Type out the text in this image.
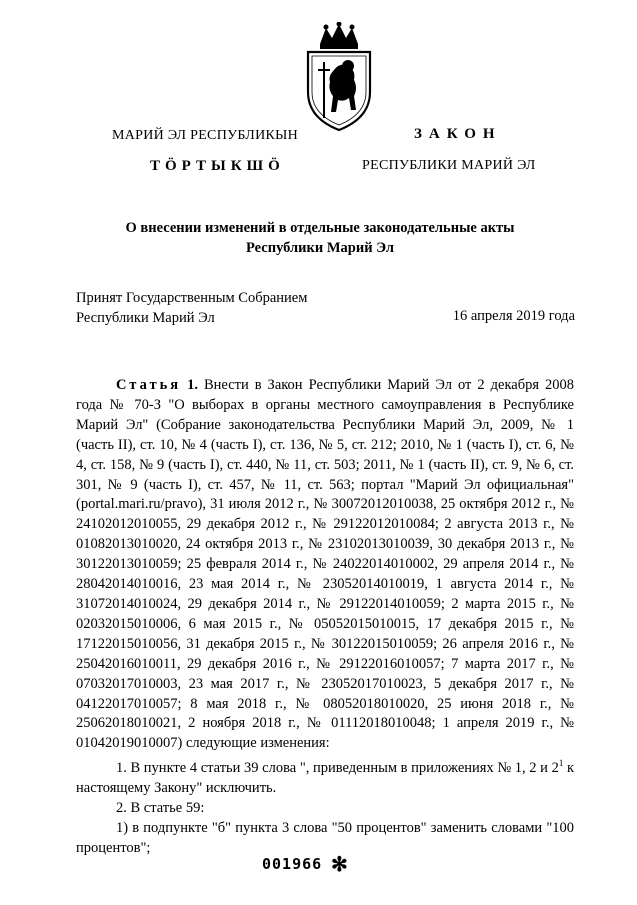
МАРИЙ ЭЛ РЕСПУБЛИКЫН
ТӦРТЫКШӦ
ЗАКОН
РЕСПУБЛИКИ МАРИЙ ЭЛ
О внесении изменений в отдельные законодательные акты
Республики Марий Эл
Принят Государственным Собранием
Республики Марий Эл	16 апреля 2019 года

Статья 1. Внести в Закон Республики Марий Эл от 2 декабря 2008 года № 70-З "О выборах в органы местного самоуправления в Республике Марий Эл" (Собрание законодательства Республики Марий Эл, 2009, № 1 (часть II), ст. 10, № 4 (часть I), ст. 136, № 5, ст. 212; 2010, № 1 (часть I), ст. 6, № 4, ст. 158, № 9 (часть I), ст. 440, № 11, ст. 503; 2011, № 1 (часть II), ст. 9, № 6, ст. 301, № 9 (часть I), ст. 457, № 11, ст. 563; портал "Марий Эл официальная" (portal.mari.ru/pravo), 31 июля 2012 г., № 30072012010038, 25 октября 2012 г., № 24102012010055, 29 декабря 2012 г., № 29122012010084; 2 августа 2013 г., № 01082013010020, 24 октября 2013 г., № 23102013010039, 30 декабря 2013 г., № 30122013010059; 25 февраля 2014 г., № 24022014010002, 29 апреля 2014 г., № 28042014010016, 23 мая 2014 г., № 23052014010019, 1 августа 2014 г., № 31072014010024, 29 декабря 2014 г., № 29122014010059; 2 марта 2015 г., № 02032015010006, 6 мая 2015 г., № 05052015010015, 17 декабря 2015 г., № 17122015010056, 31 декабря 2015 г., № 30122015010059; 26 апреля 2016 г., № 25042016010011, 29 декабря 2016 г., № 29122016010057; 7 марта 2017 г., № 07032017010003, 23 мая 2017 г., № 23052017010023, 5 декабря 2017 г., № 04122017010057; 8 мая 2018 г., № 08052018010020, 25 июня 2018 г., № 25062018010021, 2 ноября 2018 г., № 01112018010048; 1 апреля 2019 г., № 01042019010007) следующие изменения:

1. В пункте 4 статьи 39 слова ", приведенным в приложениях № 1, 2 и $2^1$ к настоящему Закону" исключить.

2. В статье 59:

1) в подпункте "б" пункта 3 слова "50 процентов" заменить словами "100 процентов";

001966 ✻
